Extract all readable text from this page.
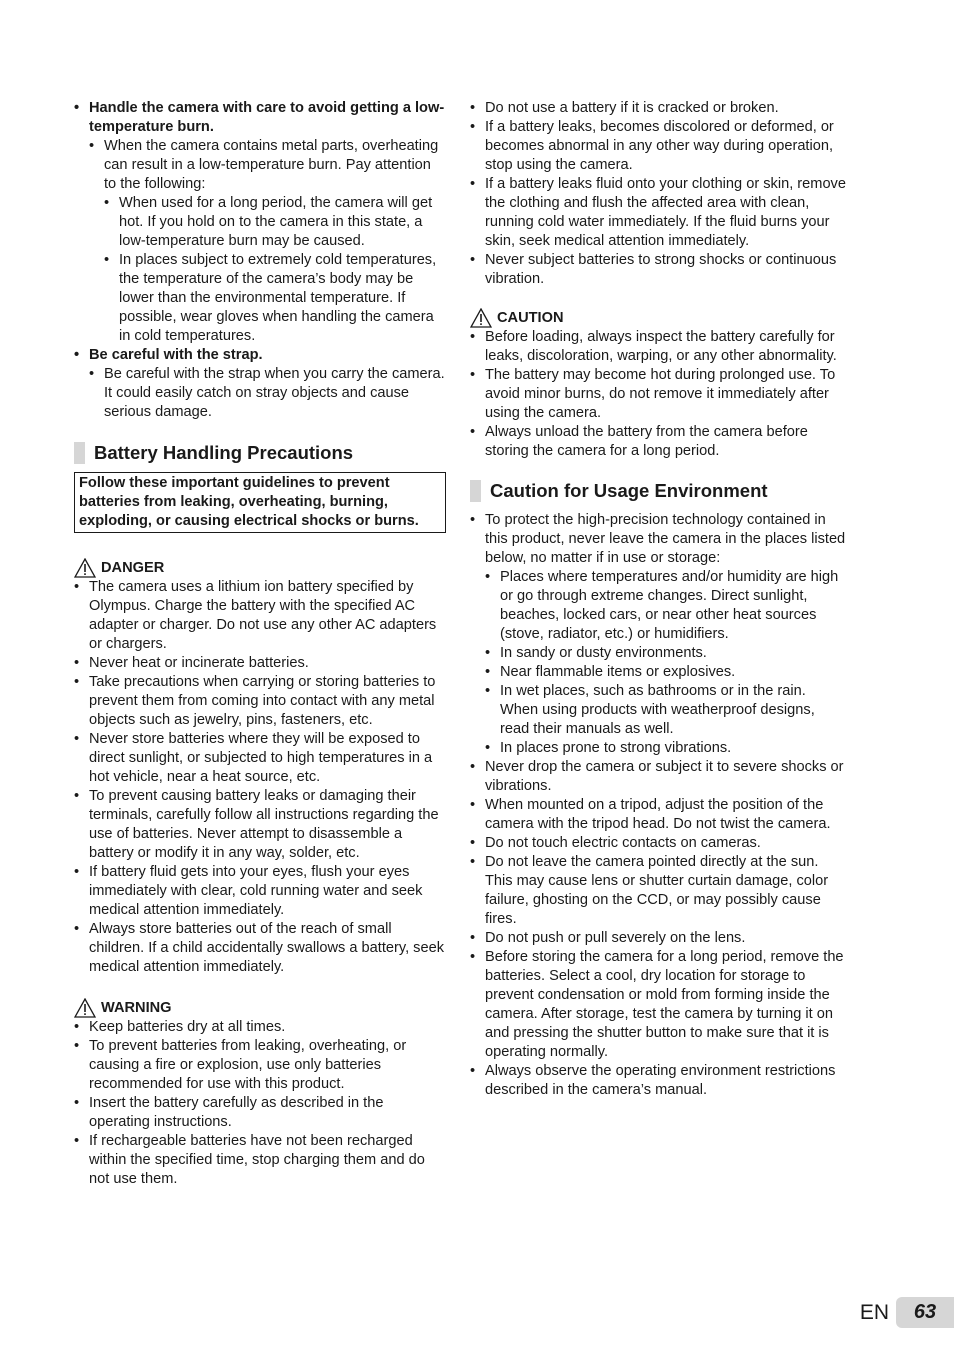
• Handle the camera with care to avoid getting a low-temperature burn.
• When the camera contains metal parts, overheating can result in a low-temperature burn. Pay attention to the following:
• When used for a long period, the camera will get hot. If you hold on to the camera in this state, a low-temperature burn may be caused.
• In places subject to extremely cold temperatures, the temperature of the camera’s body may be lower than the environmental temperature. If possible, wear gloves when handling the camera in cold temperatures.
• Be careful with the strap.
• Be careful with the strap when you carry the camera. It could easily catch on stray objects and cause serious damage.
Battery Handling Precautions
Follow these important guidelines to prevent batteries from leaking, overheating, burning, exploding, or causing electrical shocks or burns.
DANGER
• The camera uses a lithium ion battery specified by Olympus. Charge the battery with the specified AC adapter or charger. Do not use any other AC adapters or chargers.
• Never heat or incinerate batteries.
• Take precautions when carrying or storing batteries to prevent them from coming into contact with any metal objects such as jewelry, pins, fasteners, etc.
• Never store batteries where they will be exposed to direct sunlight, or subjected to high temperatures in a hot vehicle, near a heat source, etc.
• To prevent causing battery leaks or damaging their terminals, carefully follow all instructions regarding the use of batteries. Never attempt to disassemble a battery or modify it in any way, solder, etc.
• If battery fluid gets into your eyes, flush your eyes immediately with clear, cold running water and seek medical attention immediately.
• Always store batteries out of the reach of small children. If a child accidentally swallows a battery, seek medical attention immediately.
WARNING
• Keep batteries dry at all times.
• To prevent batteries from leaking, overheating, or causing a fire or explosion, use only batteries recommended for use with this product.
• Insert the battery carefully as described in the operating instructions.
• If rechargeable batteries have not been recharged within the specified time, stop charging them and do not use them.
• Do not use a battery if it is cracked or broken.
• If a battery leaks, becomes discolored or deformed, or becomes abnormal in any other way during operation, stop using the camera.
• If a battery leaks fluid onto your clothing or skin, remove the clothing and flush the affected area with clean, running cold water immediately. If the fluid burns your skin, seek medical attention immediately.
• Never subject batteries to strong shocks or continuous vibration.
CAUTION
• Before loading, always inspect the battery carefully for leaks, discoloration, warping, or any other abnormality.
• The battery may become hot during prolonged use. To avoid minor burns, do not remove it immediately after using the camera.
• Always unload the battery from the camera before storing the camera for a long period.
Caution for Usage Environment
• To protect the high-precision technology contained in this product, never leave the camera in the places listed below, no matter if in use or storage:
• Places where temperatures and/or humidity are high or go through extreme changes. Direct sunlight, beaches, locked cars, or near other heat sources (stove, radiator, etc.) or humidifiers.
• In sandy or dusty environments.
• Near flammable items or explosives.
• In wet places, such as bathrooms or in the rain. When using products with weatherproof designs, read their manuals as well.
• In places prone to strong vibrations.
• Never drop the camera or subject it to severe shocks or vibrations.
• When mounted on a tripod, adjust the position of the camera with the tripod head. Do not twist the camera.
• Do not touch electric contacts on cameras.
• Do not leave the camera pointed directly at the sun. This may cause lens or shutter curtain damage, color failure, ghosting on the CCD, or may possibly cause fires.
• Do not push or pull severely on the lens.
• Before storing the camera for a long period, remove the batteries. Select a cool, dry location for storage to prevent condensation or mold from forming inside the camera. After storage, test the camera by turning it on and pressing the shutter button to make sure that it is operating normally.
• Always observe the operating environment restrictions described in the camera’s manual.
EN	63
